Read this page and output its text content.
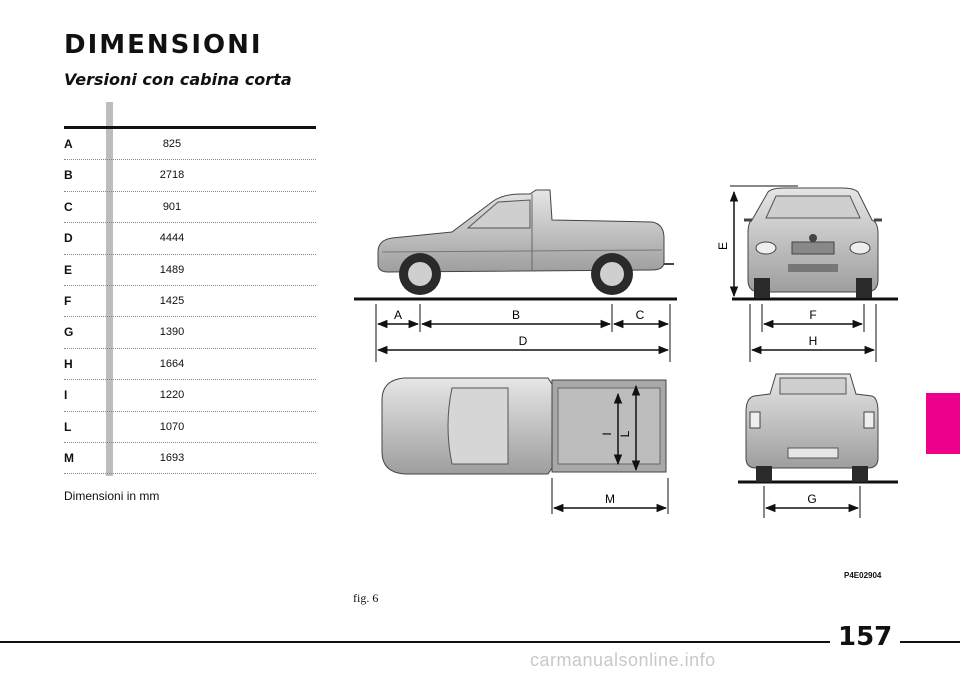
DIMENSIONI
Versioni con cabina corta
A	825
B	2718
C	901
D	4444
E	1489
F	1425
G	1390
H	1664
I	1220
L	1070
M	1693
Dimensioni in mm
E
A	B	C
D
F
H
I L
M	G
P4E02904
fig. 6
157
carmanualsonline.info
